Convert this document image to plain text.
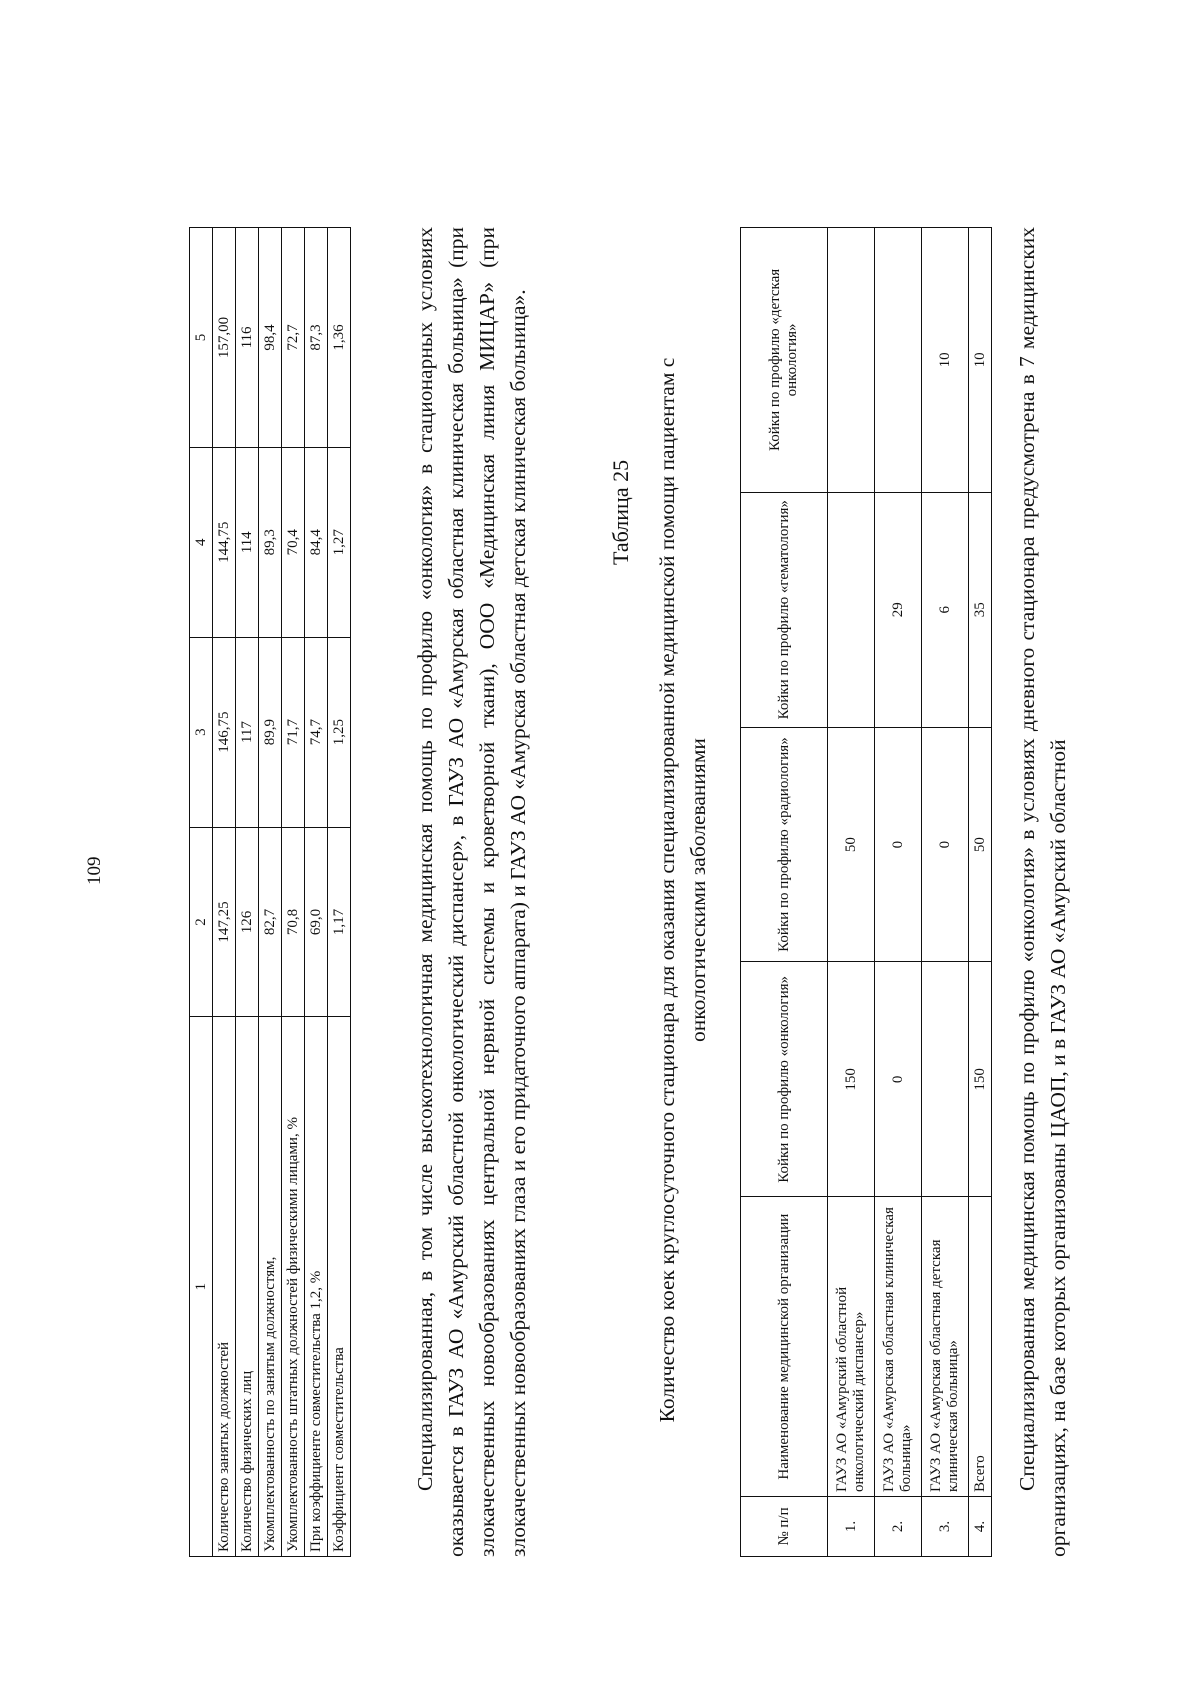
109
1	2	3	4	5
Количество занятых должностей	147,25	146,75	144,75	157,00
Количество физических лиц	126	117	114	116
Укомплектованность по занятым должностям,	82,7	89,9	89,3	98,4
Укомплектованность штатных должностей физическими лицами, %	70,8	71,7	70,4	72,7
При коэффициенте совместительства 1,2, %	69,0	74,7	84,4	87,3
Коэффициент совместительства	1,17	1,25	1,27	1,36	Специализированная, в том числе высокотехнологичная медицинская помощь по профилю «онкология» в стационарных условиях оказывается в ГАУЗ АО «Амурский областной онкологический диспансер», в ГАУЗ АО «Амурская областная клиническая больница» (при злокачественных новообразованиях центральной нервной системы и кроветворной ткани), ООО «Медицинская линия МИЦАР» (при злокачественных новообразованиях глаза и его придаточного аппарата) и ГАУЗ АО «Амурская областная детская клиническая больница».	Таблица 25 Количество коек круглосуточного стационара для оказания специализированной медицинской помощи пациентам с онкологическими заболеваниями
№ п/п	Наименование медицинской организации	Койки по профилю «онкология»	Койки по профилю «радиология»	Койки по профилю «гематология»	Койки по профилю «детская онкология»
1.	ГАУЗ АО «Амурский областной онкологический диспансер»	150	50		
2.	ГАУЗ АО «Амурская областная клиническая больница»	0	0	29	
3.	ГАУЗ АО «Амурская областная детская клиническая больница»		0	6	10
4.	Всего	150	50	35	10 Специализированная медицинская помощь по профилю «онкология» в условиях дневного стационара предусмотрена в 7 медицинских организациях, на базе которых организованы ЦАОП, и в ГАУЗ АО «Амурский областной
